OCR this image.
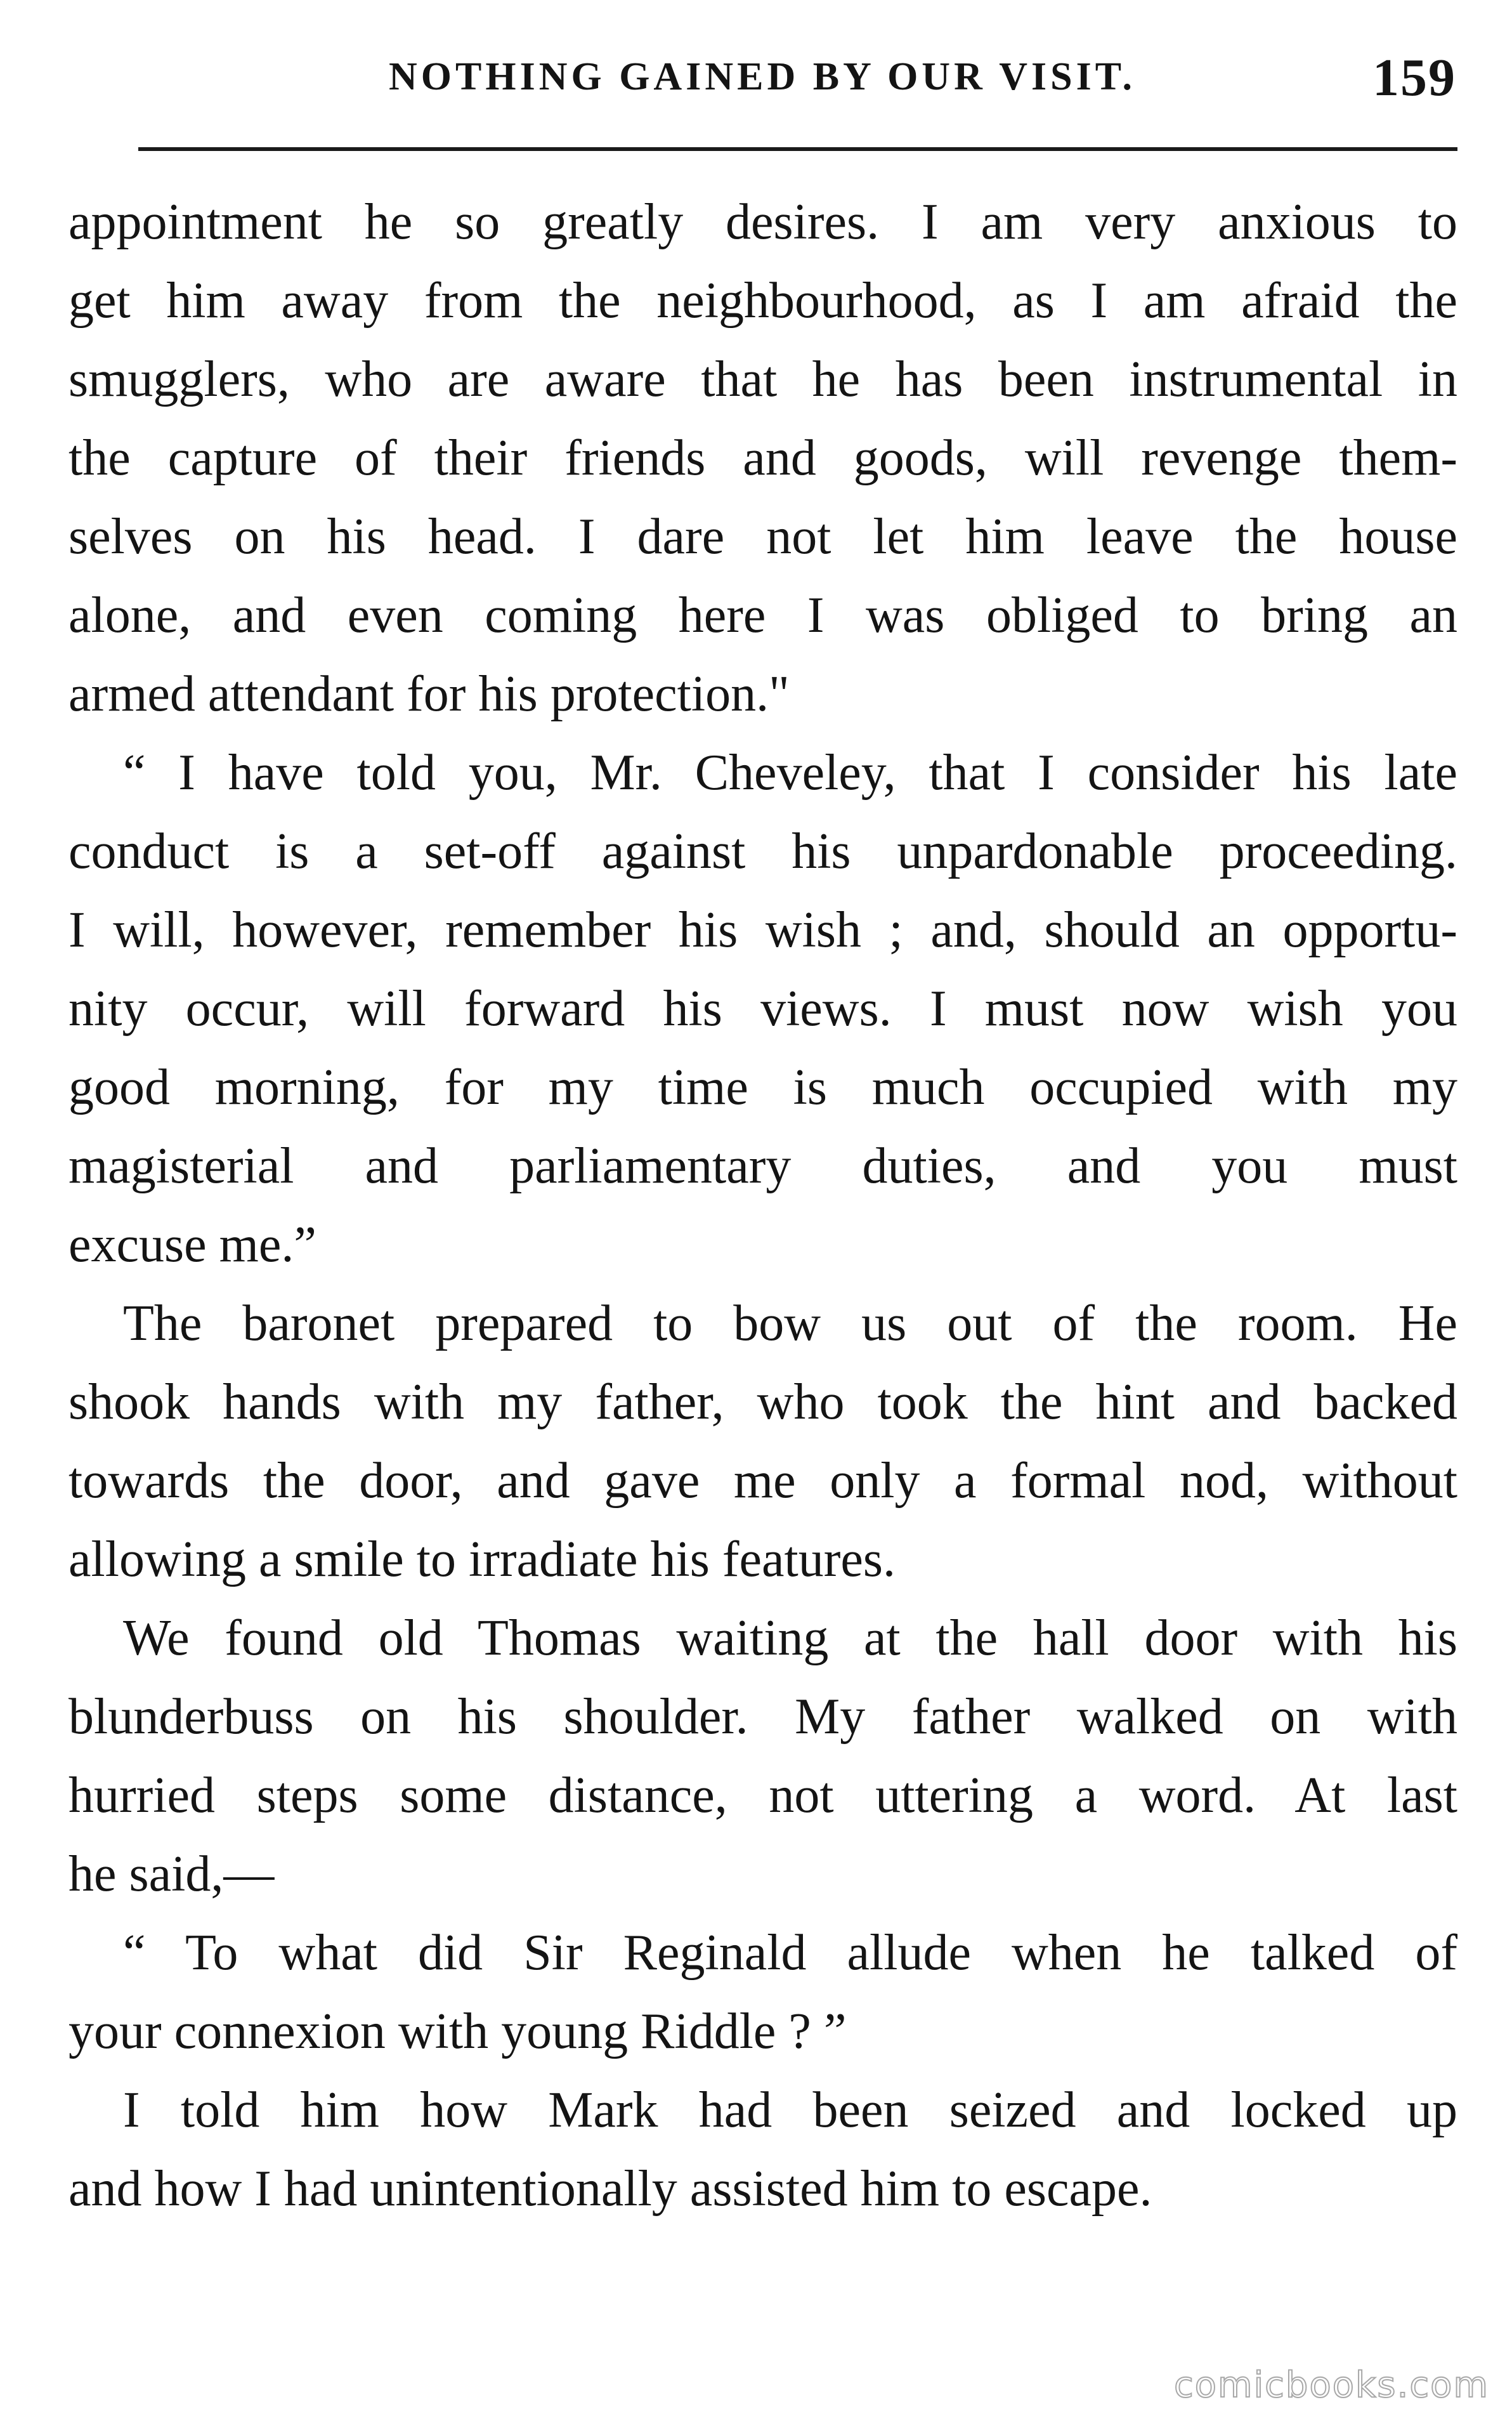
NOTHING GAINED BY OUR VISIT.	159
appointment he so greatly desires. I am very anxious to
get him away from the neighbourhood, as I am afraid the
smugglers, who are aware that he has been instrumental in
the capture of their friends and goods, will revenge them-
selves on his head. I dare not let him leave the house
alone, and even coming here I was obliged to bring an
armed attendant for his protection."
“ I have told you, Mr. Cheveley, that I consider his late
conduct is a set-off against his unpardonable proceeding.
I will, however, remember his wish ; and, should an opportu-
nity occur, will forward his views. I must now wish you
good morning, for my time is much occupied with my
magisterial and parliamentary duties, and you must
excuse me.”
The baronet prepared to bow us out of the room. He
shook hands with my father, who took the hint and backed
towards the door, and gave me only a formal nod, without
allowing a smile to irradiate his features.
We found old Thomas waiting at the hall door with his
blunderbuss on his shoulder. My father walked on with
hurried steps some distance, not uttering a word. At last
he said,—
“ To what did Sir Reginald allude when he talked of
your connexion with young Riddle ? ”
I told him how Mark had been seized and locked up
and how I had unintentionally assisted him to escape.
comicbooks.com
